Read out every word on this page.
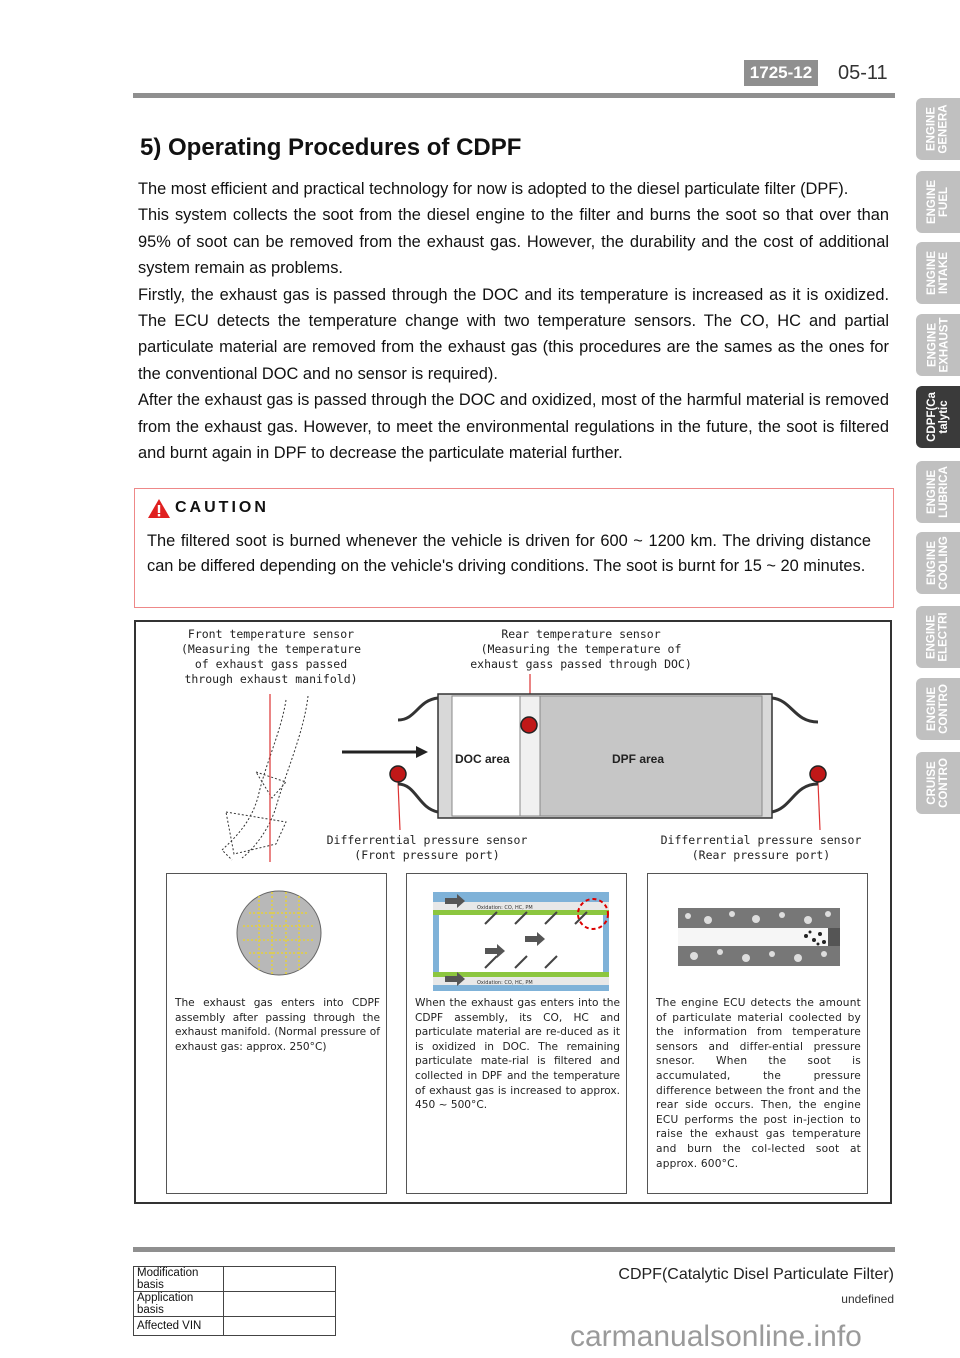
1725-12 05-11
5) Operating Procedures of CDPF

The most efficient and practical technology for now is adopted to the diesel particulate filter (DPF).

This system collects the soot from the diesel engine to the filter and burns the soot so that over than 95% of soot can be removed from the exhaust gas. However, the durability and the cost of additional system remain as problems.

Firstly, the exhaust gas is passed through the DOC and its temperature is increased as it is oxidized. The ECU detects the temperature change with two temperature sensors. The CO, HC and partial particulate material are removed from the exhaust gas (this procedures are the sames as the ones for the conventional DOC and no sensor is required).

After the exhaust gas is passed through the DOC and oxidized, most of the harmful material is removed from the exhaust gas. However, to meet the environmental regulations in the future, the soot is filtered and burnt again in DPF to decrease the particulate material further.

CAUTION
The filtered soot is burned whenever the vehicle is driven for 600 ~ 1200 km. The driving distance can be differed depending on the vehicle's driving conditions. The soot is burnt for 15 ~ 20 minutes.
Front temperature sensor
(Measuring the temperature
of exhaust gass passed
through exhaust manifold)
Rear temperature sensor
(Measuring the temperature of
exhaust gass passed through DOC)
DOC area	DPF area
Differrential pressure sensor
(Front pressure port)
Differrential pressure sensor
(Rear pressure port)
The exhaust gas enters into CDPF assembly after passing through the exhaust manifold. (Normal pressure of exhaust gas: approx. 250°C)
Oxidation: CO, HC, PM
Oxidation: CO, HC, PM
When the exhaust gas enters into the CDPF assembly, its CO, HC and particulate material are re-duced as it is oxidized in DOC. The remaining particulate mate-rial is filtered and collected in DPF and the temperature of exhaust gas is increased to approx. 450 ~ 500°C.
The engine ECU detects the amount of particulate material coolected by the information from temperature sensors and differ-ential pressure snesor. When the soot is accumulated, the pressure difference between the front and the rear side occurs. Then, the engine ECU performs the post in-jection to raise the exhaust gas temperature and burn the col-lected soot at approx. 600°C.
ENGINE
GENERA
ENGINE
FUEL
ENGINE
INTAKE
ENGINE
EXHAUST
CDPF(Ca
talytic
ENGINE
LUBRICA
ENGINE
COOLING
ENGINE
ELECTRI
ENGINE
CONTRO
CRUISE
CONTRO
CDPF(Catalytic Disel Particulate Filter)
undefined
Modification basis	
Application basis	
Affected VIN		carmanualsonline.info
